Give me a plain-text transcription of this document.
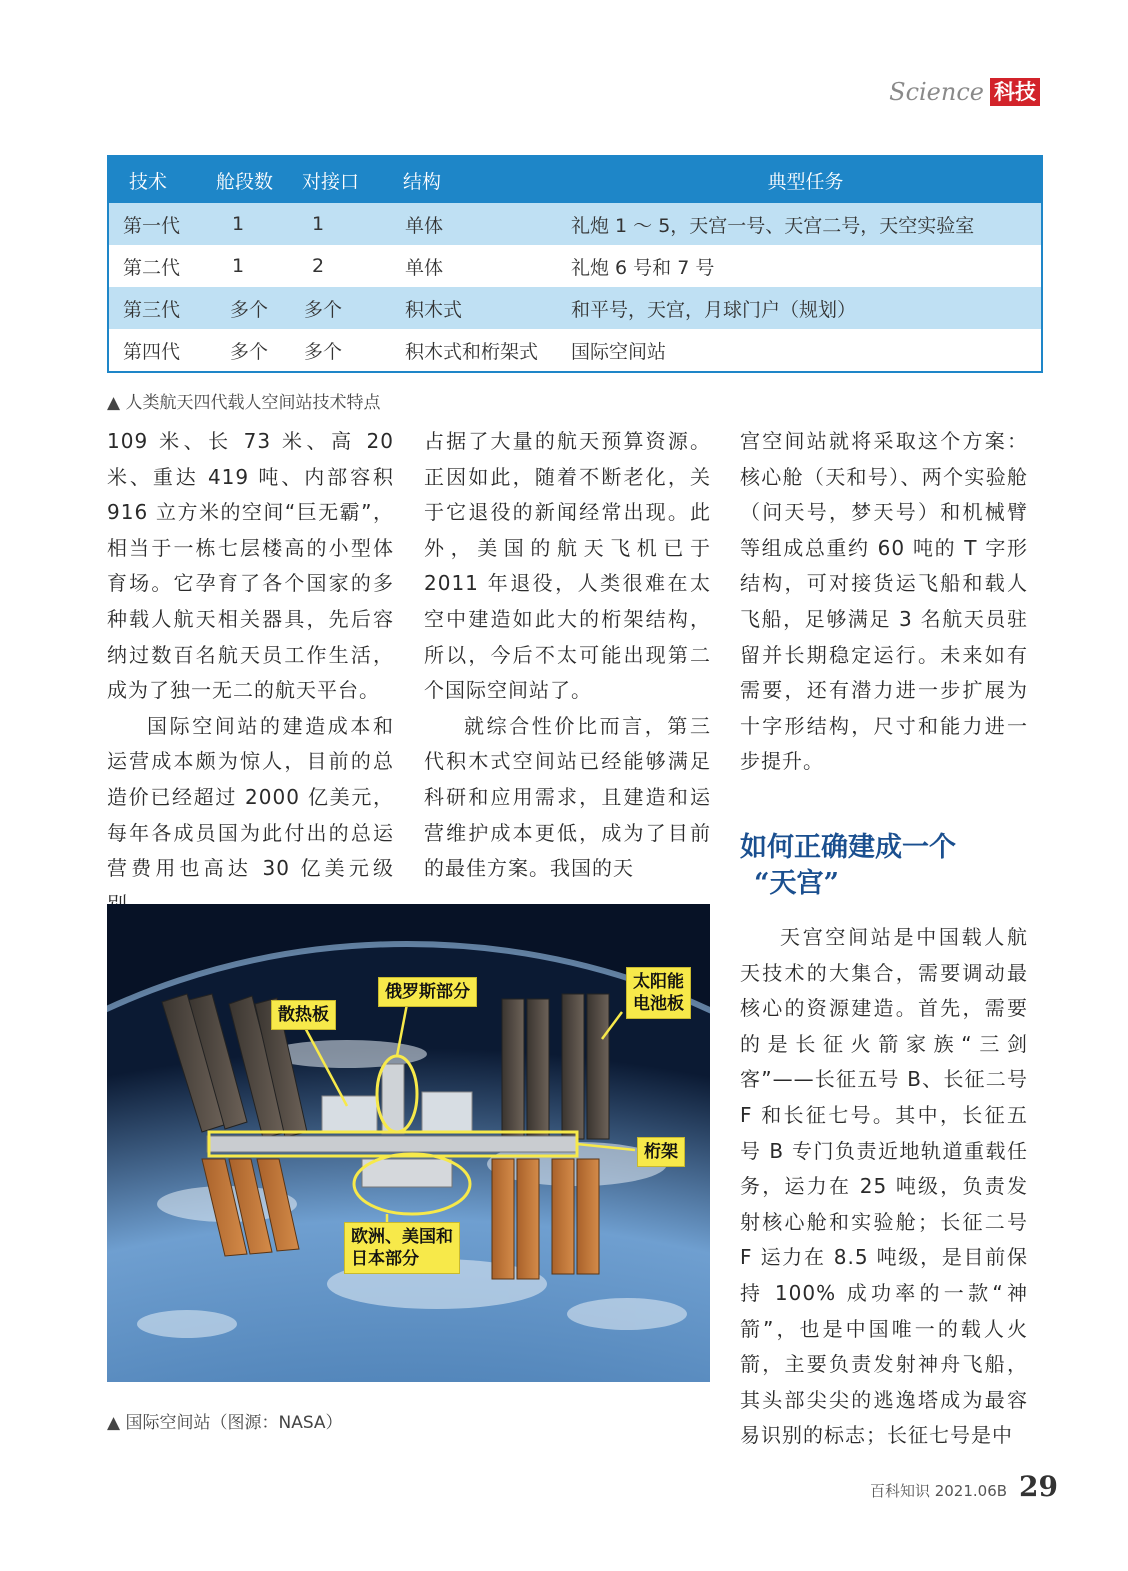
Science 科技
技术	舱段数	对接口	结构	典型任务
第一代	1	1	单体	礼炮 1 ～ 5，天宫一号、天宫二号，天空实验室
第二代	1	2	单体	礼炮 6 号和 7 号
第三代	多个	多个	积木式	和平号，天宫，月球门户（规划）
第四代	多个	多个	积木式和桁架式	国际空间站
▲ 人类航天四代载人空间站技术特点

109 米、长 73 米、高 20 米、重达 419 吨、内部容积 916 立方米的空间“巨无霸”，相当于一栋七层楼高的小型体育场。它孕育了各个国家的多种载人航天相关器具，先后容纳过数百名航天员工作生活，成为了独一无二的航天平台。

国际空间站的建造成本和运营成本颇为惊人，目前的总造价已经超过 2000 亿美元，每年各成员国为此付出的总运营费用也高达 30 亿美元级

占据了大量的航天预算资源。正因如此，随着不断老化，关于它退役的新闻经常出现。此外，美国的航天飞机已于 2011 年退役，人类很难在太空中建造如此大的桁架结构，所以，今后不太可能出现第二个国际空间站了。

就综合性价比而言，第三代积木式空间站已经能够满足科研和应用需求，且建造和运营维护成本更低，成为了目前的最佳方案。我国的天

宫空间站就将采取这个方案：核心舱（天和号）、两个实验舱（问天号，梦天号）和机械臂等组成总重约 60 吨的 T 字形结构，可对接货运飞船和载人飞船，足够满足 3 名航天员驻留并长期稳定运行。未来如有需要，还有潜力进一步扩展为十字形结构，尺寸和能力进一步提升。

如何正确建成一个
“天宫”

天宫空间站是中国载人航天技术的大集合，需要调动最核心的资源建造。首先，需要的是长征火箭家族“三剑客”——长征五号 B、长征二号 F 和长征七号。其中，长征五号 B 专门负责近地轨道重载任务，运力在 25 吨级，负责发射核心舱和实验舱；长征二号 F 运力在 8.5 吨级，是目前保持 100% 成功率的一款“神箭”，也是中国唯一的载人火箭，主要负责发射神舟飞船，其头部尖尖的逃逸塔成为最容易识别的标志；长征七号是中

散热板
俄罗斯部分	太阳能
电池板
桁架
欧洲、美国和
日本部分
▲ 国际空间站（图源：NASA）
百科知识 2021.06B 29
